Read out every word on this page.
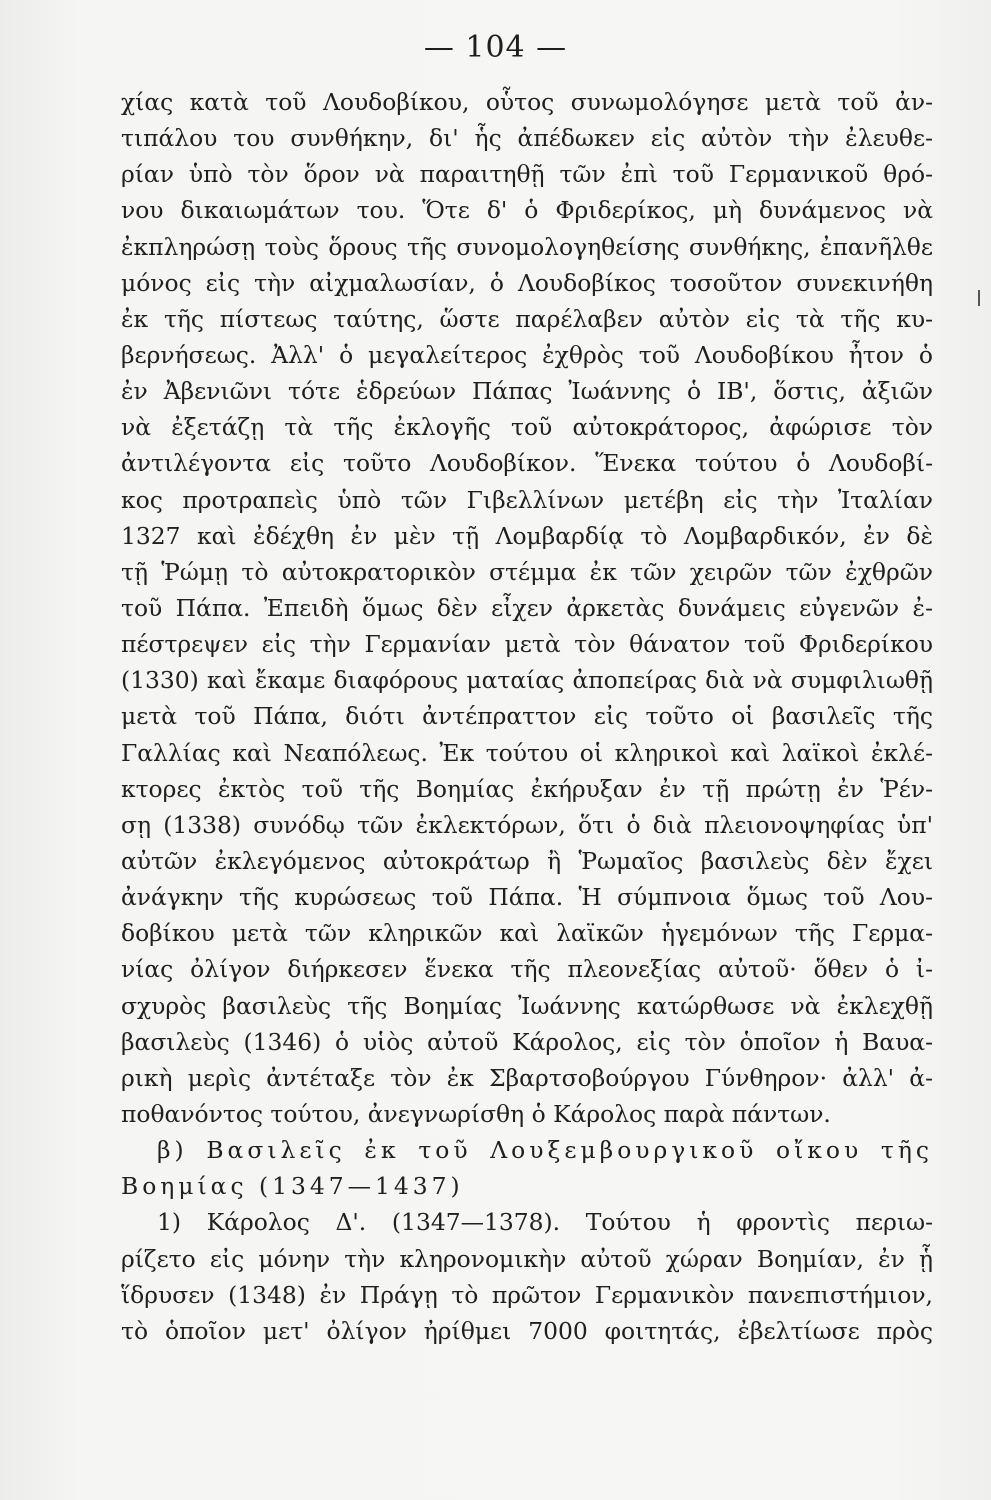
— 104 —
χίας κατὰ τοῦ Λουδοβίκου, οὗτος συνωμολόγησε μετὰ τοῦ ἀν-
τιπάλου του συνθήκην, δι' ἧς ἀπέδωκεν εἰς αὐτὸν τὴν ἐλευθε-
ρίαν ὑπὸ τὸν ὅρον νὰ παραιτηθῇ τῶν ἐπὶ τοῦ Γερμανικοῦ θρό-
νου δικαιωμάτων του. Ὅτε δ' ὁ Φριδερίκος, μὴ δυνάμενος νὰ
ἐκπληρώσῃ τοὺς ὅρους τῆς συνομολογηθείσης συνθήκης, ἐπανῆλθε
μόνος εἰς τὴν αἰχμαλωσίαν, ὁ Λουδοβίκος τοσοῦτον συνεκινήθη
ἐκ τῆς πίστεως ταύτης, ὥστε παρέλαβεν αὐτὸν εἰς τὰ τῆς κυ-
βερνήσεως. Ἀλλ' ὁ μεγαλείτερος ἐχθρὸς τοῦ Λουδοβίκου ἦτον ὁ
ἐν Ἀβενιῶνι τότε ἑδρεύων Πάπας Ἰωάννης ὁ ΙΒ', ὅστις, ἀξιῶν
νὰ ἐξετάζῃ τὰ τῆς ἐκλογῆς τοῦ αὐτοκράτορος, ἀφώρισε τὸν
ἀντιλέγοντα εἰς τοῦτο Λουδοβίκον. Ἕνεκα τούτου ὁ Λουδοβί-
κος προτραπεὶς ὑπὸ τῶν Γιβελλίνων μετέβη εἰς τὴν Ἰταλίαν
1327 καὶ ἐδέχθη ἐν μὲν τῇ Λομβαρδίᾳ τὸ Λομβαρδικόν, ἐν δὲ
τῇ Ῥώμῃ τὸ αὐτοκρατορικὸν στέμμα ἐκ τῶν χειρῶν τῶν ἐχθρῶν
τοῦ Πάπα. Ἐπειδὴ ὅμως δὲν εἶχεν ἀρκετὰς δυνάμεις εὐγενῶν ἐ-
πέστρεψεν εἰς τὴν Γερμανίαν μετὰ τὸν θάνατον τοῦ Φριδερίκου
(1330) καὶ ἔκαμε διαφόρους ματαίας ἀποπείρας διὰ νὰ συμφιλιωθῇ
μετὰ τοῦ Πάπα, διότι ἀντέπραττον εἰς τοῦτο οἱ βασιλεῖς τῆς
Γαλλίας καὶ Νεαπόλεως. Ἐκ τούτου οἱ κληρικοὶ καὶ λαϊκοὶ ἐκλέ-
κτορες ἐκτὸς τοῦ τῆς Βοημίας ἐκήρυξαν ἐν τῇ πρώτῃ ἐν Ῥέν-
σῃ (1338) συνόδῳ τῶν ἐκλεκτόρων, ὅτι ὁ διὰ πλειονοψηφίας ὑπ'
αὐτῶν ἐκλεγόμενος αὐτοκράτωρ ἢ Ῥωμαῖος βασιλεὺς δὲν ἔχει
ἀνάγκην τῆς κυρώσεως τοῦ Πάπα. Ἡ σύμπνοια ὅμως τοῦ Λου-
δοβίκου μετὰ τῶν κληρικῶν καὶ λαϊκῶν ἡγεμόνων τῆς Γερμα-
νίας ὀλίγον διήρκεσεν ἕνεκα τῆς πλεονεξίας αὐτοῦ· ὅθεν ὁ ἰ-
σχυρὸς βασιλεὺς τῆς Βοημίας Ἰωάννης κατώρθωσε νὰ ἐκλεχθῇ
βασιλεὺς (1346) ὁ υἱὸς αὐτοῦ Κάρολος, εἰς τὸν ὁποῖον ἡ Βαυα-
ρικὴ μερὶς ἀντέταξε τὸν ἐκ Σβαρτσοβούργου Γύνθηρον· ἀλλ' ἀ-
ποθανόντος τούτου, ἀνεγνωρίσθη ὁ Κάρολος παρὰ πάντων.
β) Βασιλεῖς ἐκ τοῦ Λουξεμβουργικοῦ οἴκου τῆς
Βοημίας (1347—1437)
1) Κάρολος Δ'. (1347—1378). Τούτου ἡ φροντὶς περιω-
ρίζετο εἰς μόνην τὴν κληρονομικὴν αὐτοῦ χώραν Βοημίαν, ἐν ᾗ
ἵδρυσεν (1348) ἐν Πράγῃ τὸ πρῶτον Γερμανικὸν πανεπιστήμιον,
τὸ ὁποῖον μετ' ὀλίγον ἠρίθμει 7000 φοιτητάς, ἐβελτίωσε πρὸς
